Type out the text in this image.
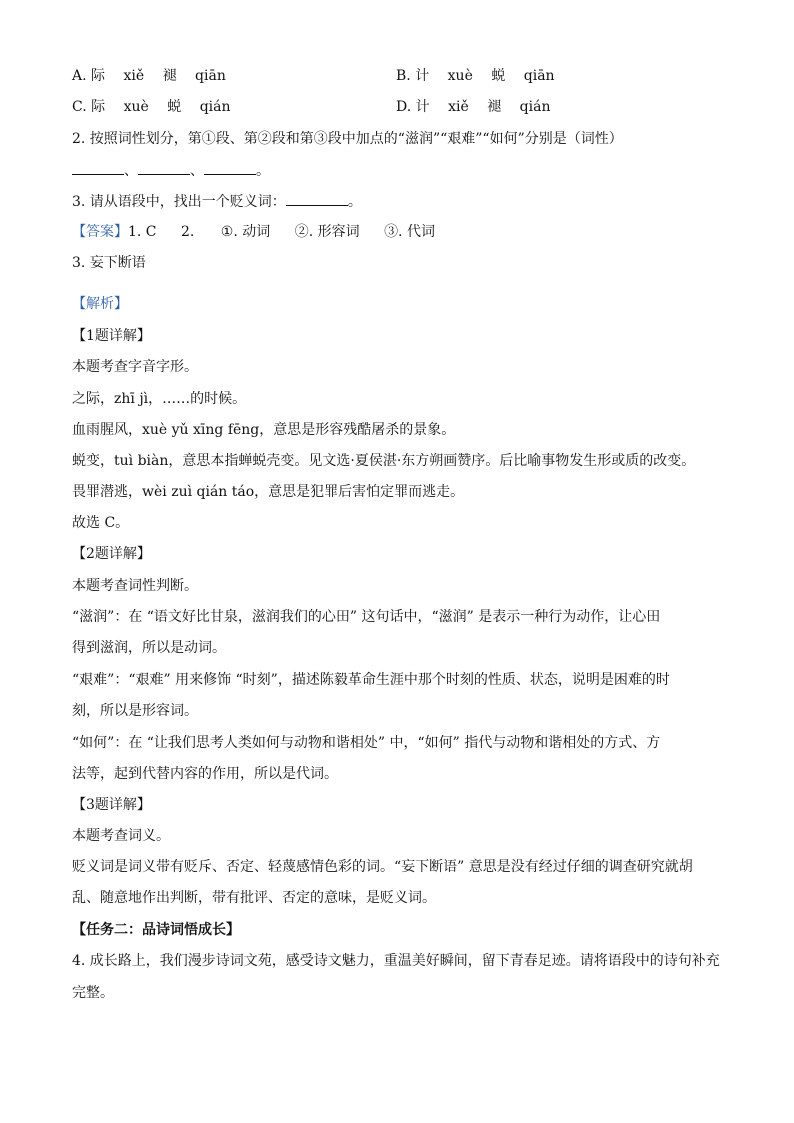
A. 际 xiě 褪 qiān	B. 计 xuè 蜕 qiān
C. 际 xuè 蜕 qián	D. 计 xiě 褪 qián
2. 按照词性划分，第①段、第②段和第③段中加点的“滋润”“艰难”“如何”分别是（词性）
、	、	。
3. 请从语段中，找出一个贬义词：	。
【答案】1. C 2. ①. 动词 ②. 形容词 ③. 代词
3. 妄下断语
【解析】
【1题详解】
本题考查字音字形。
之际，zhī jì，……的时候。
血雨腥风，xuè yǔ xīng fēng，意思是形容残酷屠杀的景象。
蜕变，tuì biàn，意思本指蝉蜕壳变。见文选·夏侯湛·东方朔画赞序。后比喻事物发生形或质的改变。
畏罪潜逃，wèi zuì qián táo，意思是犯罪后害怕定罪而逃走。
故选 C。
【2题详解】
本题考查词性判断。
“滋润”：在 “语文好比甘泉，滋润我们的心田” 这句话中，“滋润” 是表示一种行为动作，让心田
得到滋润，所以是动词。
“艰难”：“艰难” 用来修饰 “时刻”，描述陈毅革命生涯中那个时刻的性质、状态，说明是困难的时
刻，所以是形容词。
“如何”：在 “让我们思考人类如何与动物和谐相处” 中，“如何” 指代与动物和谐相处的方式、方
法等，起到代替内容的作用，所以是代词。
【3题详解】
本题考查词义。
贬义词是词义带有贬斥、否定、轻蔑感情色彩的词。“妄下断语” 意思是没有经过仔细的调查研究就胡
乱、随意地作出判断，带有批评、否定的意味，是贬义词。
【任务二：品诗词悟成长】
4. 成长路上，我们漫步诗词文苑，感受诗文魅力，重温美好瞬间，留下青春足迹。请将语段中的诗句补充
完整。
